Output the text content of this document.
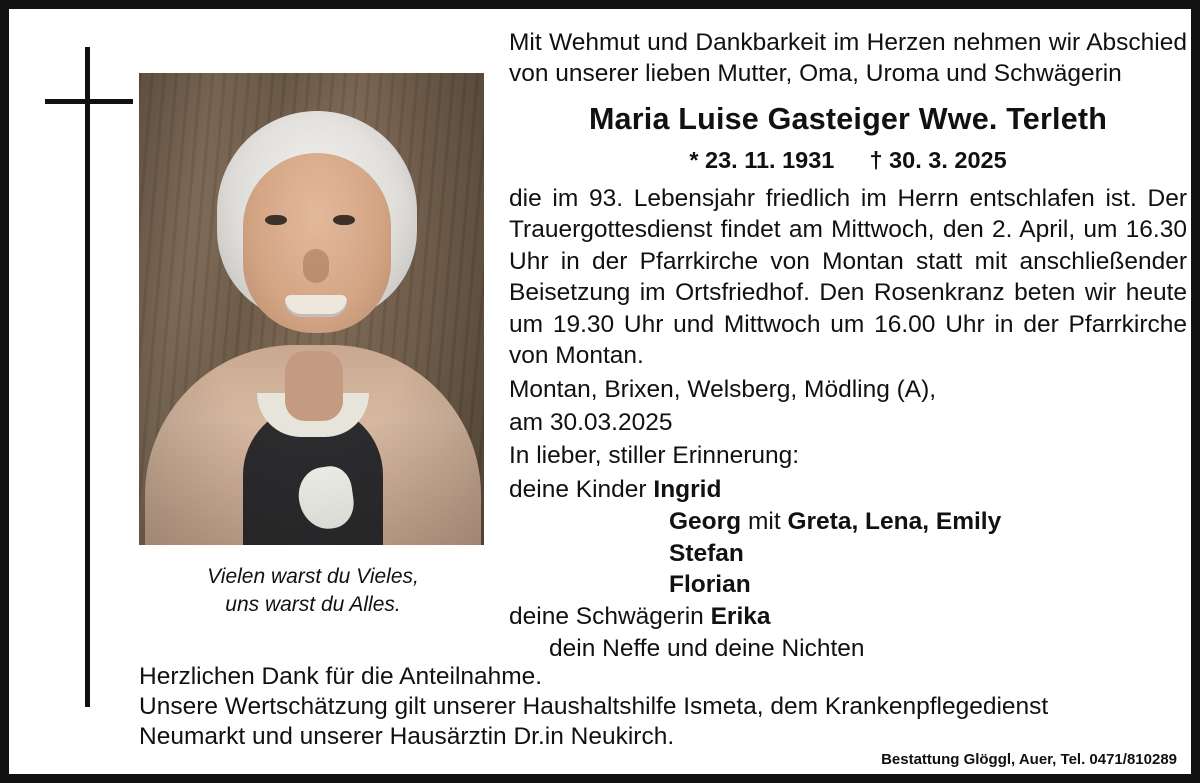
Vielen warst du Vieles,
uns warst du Alles.
Mit Wehmut und Dankbarkeit im Herzen nehmen wir Abschied von unserer lieben Mutter, Oma, Uroma und Schwägerin
Maria Luise Gasteiger Wwe. Terleth
* 23. 11. 1931 † 30. 3. 2025
die im 93. Lebensjahr friedlich im Herrn entschlafen ist. Der Trauergottesdienst findet am Mittwoch, den 2. April, um 16.30 Uhr in der Pfarrkirche von Montan statt mit anschließender Beisetzung im Ortsfriedhof. Den Rosenkranz beten wir heute um 19.30 Uhr und Mittwoch um 16.00 Uhr in der Pfarrkirche von Montan.
Montan, Brixen, Welsberg, Mödling (A),
am 30.03.2025
In lieber, stiller Erinnerung:
deine Kinder Ingrid
Georg mit Greta, Lena, Emily
Stefan
Florian
deine Schwägerin Erika
dein Neffe und deine Nichten
Herzlichen Dank für die Anteilnahme.
Unsere Wertschätzung gilt unserer Haushaltshilfe Ismeta, dem Krankenpflegedienst
Neumarkt und unserer Hausärztin Dr.in Neukirch.
Bestattung Glöggl, Auer, Tel. 0471/810289
